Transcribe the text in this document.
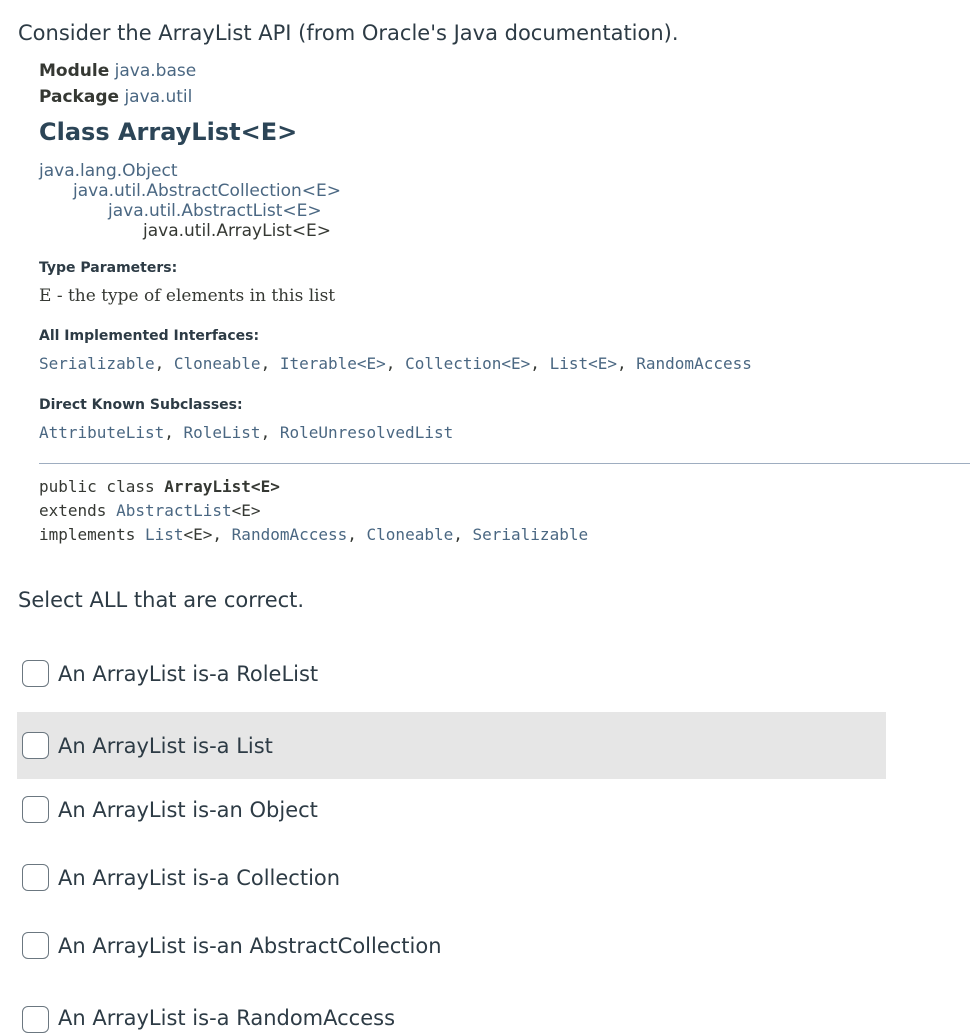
Consider the ArrayList API (from Oracle's Java documentation).
Module java.base
Package java.util
Class ArrayList<E>
java.lang.Object
java.util.AbstractCollection<E>
java.util.AbstractList<E>
java.util.ArrayList<E>
Type Parameters:
E - the type of elements in this list
All Implemented Interfaces:
Serializable, Cloneable, Iterable<E>, Collection<E>, List<E>, RandomAccess
Direct Known Subclasses:
AttributeList, RoleList, RoleUnresolvedList
public class ArrayList<E>
extends AbstractList<E>
implements List<E>, RandomAccess, Cloneable, Serializable
Select ALL that are correct.
An ArrayList is-a RoleList
An ArrayList is-a List
An ArrayList is-an Object
An ArrayList is-a Collection
An ArrayList is-an AbstractCollection
An ArrayList is-a RandomAccess
